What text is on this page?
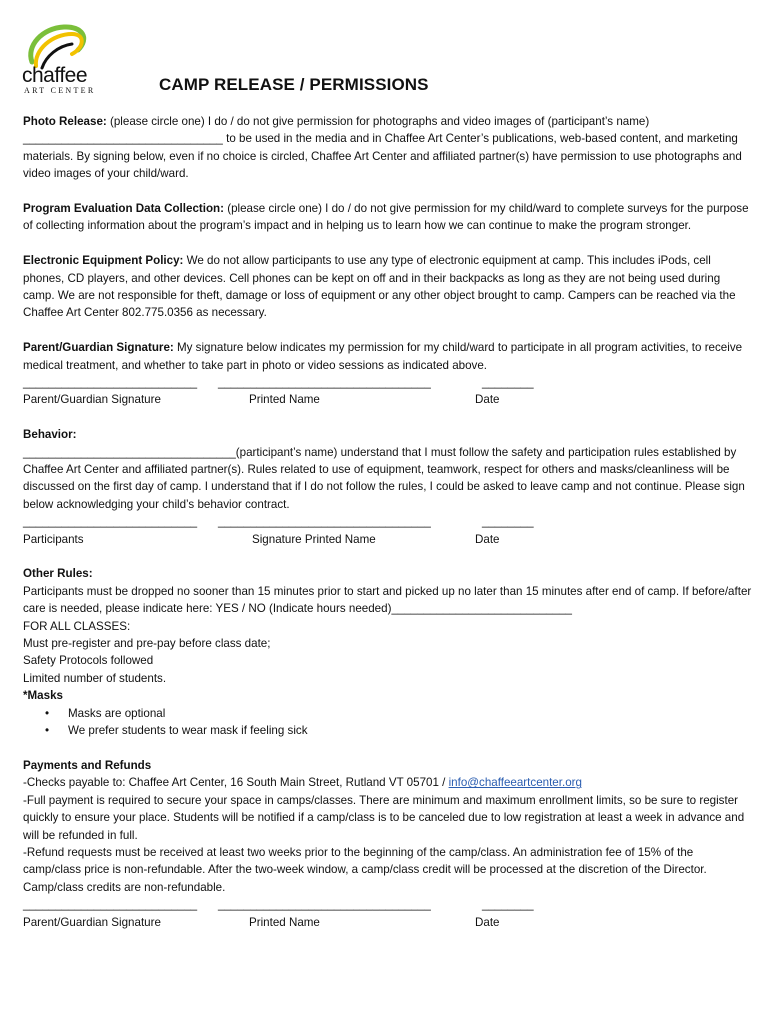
chaffee
ART CENTER	CAMP RELEASE / PERMISSIONS

Photo Release: (please circle one) I do / do not give permission for photographs and video images of (participant’s name) _______________________________ to be used in the media and in Chaffee Art Center’s publications, web-based content, and marketing materials. By signing below, even if no choice is circled, Chaffee Art Center and affiliated partner(s) have permission to use photographs and video images of your child/ward.

Program Evaluation Data Collection: (please circle one) I do / do not give permission for my child/ward to complete surveys for the purpose of collecting information about the program’s impact and in helping us to learn how we can continue to make the program stronger.

Electronic Equipment Policy: We do not allow participants to use any type of electronic equipment at camp. This includes iPods, cell phones, CD players, and other devices. Cell phones can be kept on off and in their backpacks as long as they are not being used during camp. We are not responsible for theft, damage or loss of equipment or any other object brought to camp. Campers can be reached via the Chaffee Art Center 802.775.0356 as necessary.

Parent/Guardian Signature: My signature below indicates my permission for my child/ward to participate in all program activities, to receive medical treatment, and whether to take part in photo or video sessions as indicated above.

___________________________ _________________________________	________
Parent/Guardian Signature	Printed Name	Date

Behavior:

_________________________________(participant’s name) understand that I must follow the safety and participation rules established by Chaffee Art Center and affiliated partner(s). Rules related to use of equipment, teamwork, respect for others and masks/cleanliness will be discussed on the first day of camp. I understand that if I do not follow the rules, I could be asked to leave camp and not continue. Please sign below acknowledging your child’s behavior contract.

___________________________ _________________________________	________
Participants	Signature Printed Name	Date

Other Rules:

Participants must be dropped no sooner than 15 minutes prior to start and picked up no later than 15 minutes after end of camp. If before/after care is needed, please indicate here: YES / NO (Indicate hours needed)____________________________

FOR ALL CLASSES:

Must pre-register and pre-pay before class date;

Safety Protocols followed

Limited number of students.

*Masks

• Masks are optional
• We prefer students to wear mask if feeling sick

Payments and Refunds

-Checks payable to: Chaffee Art Center, 16 South Main Street, Rutland VT 05701 / info@chaffeeartcenter.org

-Full payment is required to secure your space in camps/classes. There are minimum and maximum enrollment limits, so be sure to register quickly to ensure your place. Students will be notified if a camp/class is to be canceled due to low registration at least a week in advance and will be refunded in full.

-Refund requests must be received at least two weeks prior to the beginning of the camp/class. An administration fee of 15% of the camp/class price is non-refundable. After the two-week window, a camp/class credit will be processed at the discretion of the Director. Camp/class credits are non-refundable.

___________________________ _________________________________	________
Parent/Guardian Signature	Printed Name	Date
